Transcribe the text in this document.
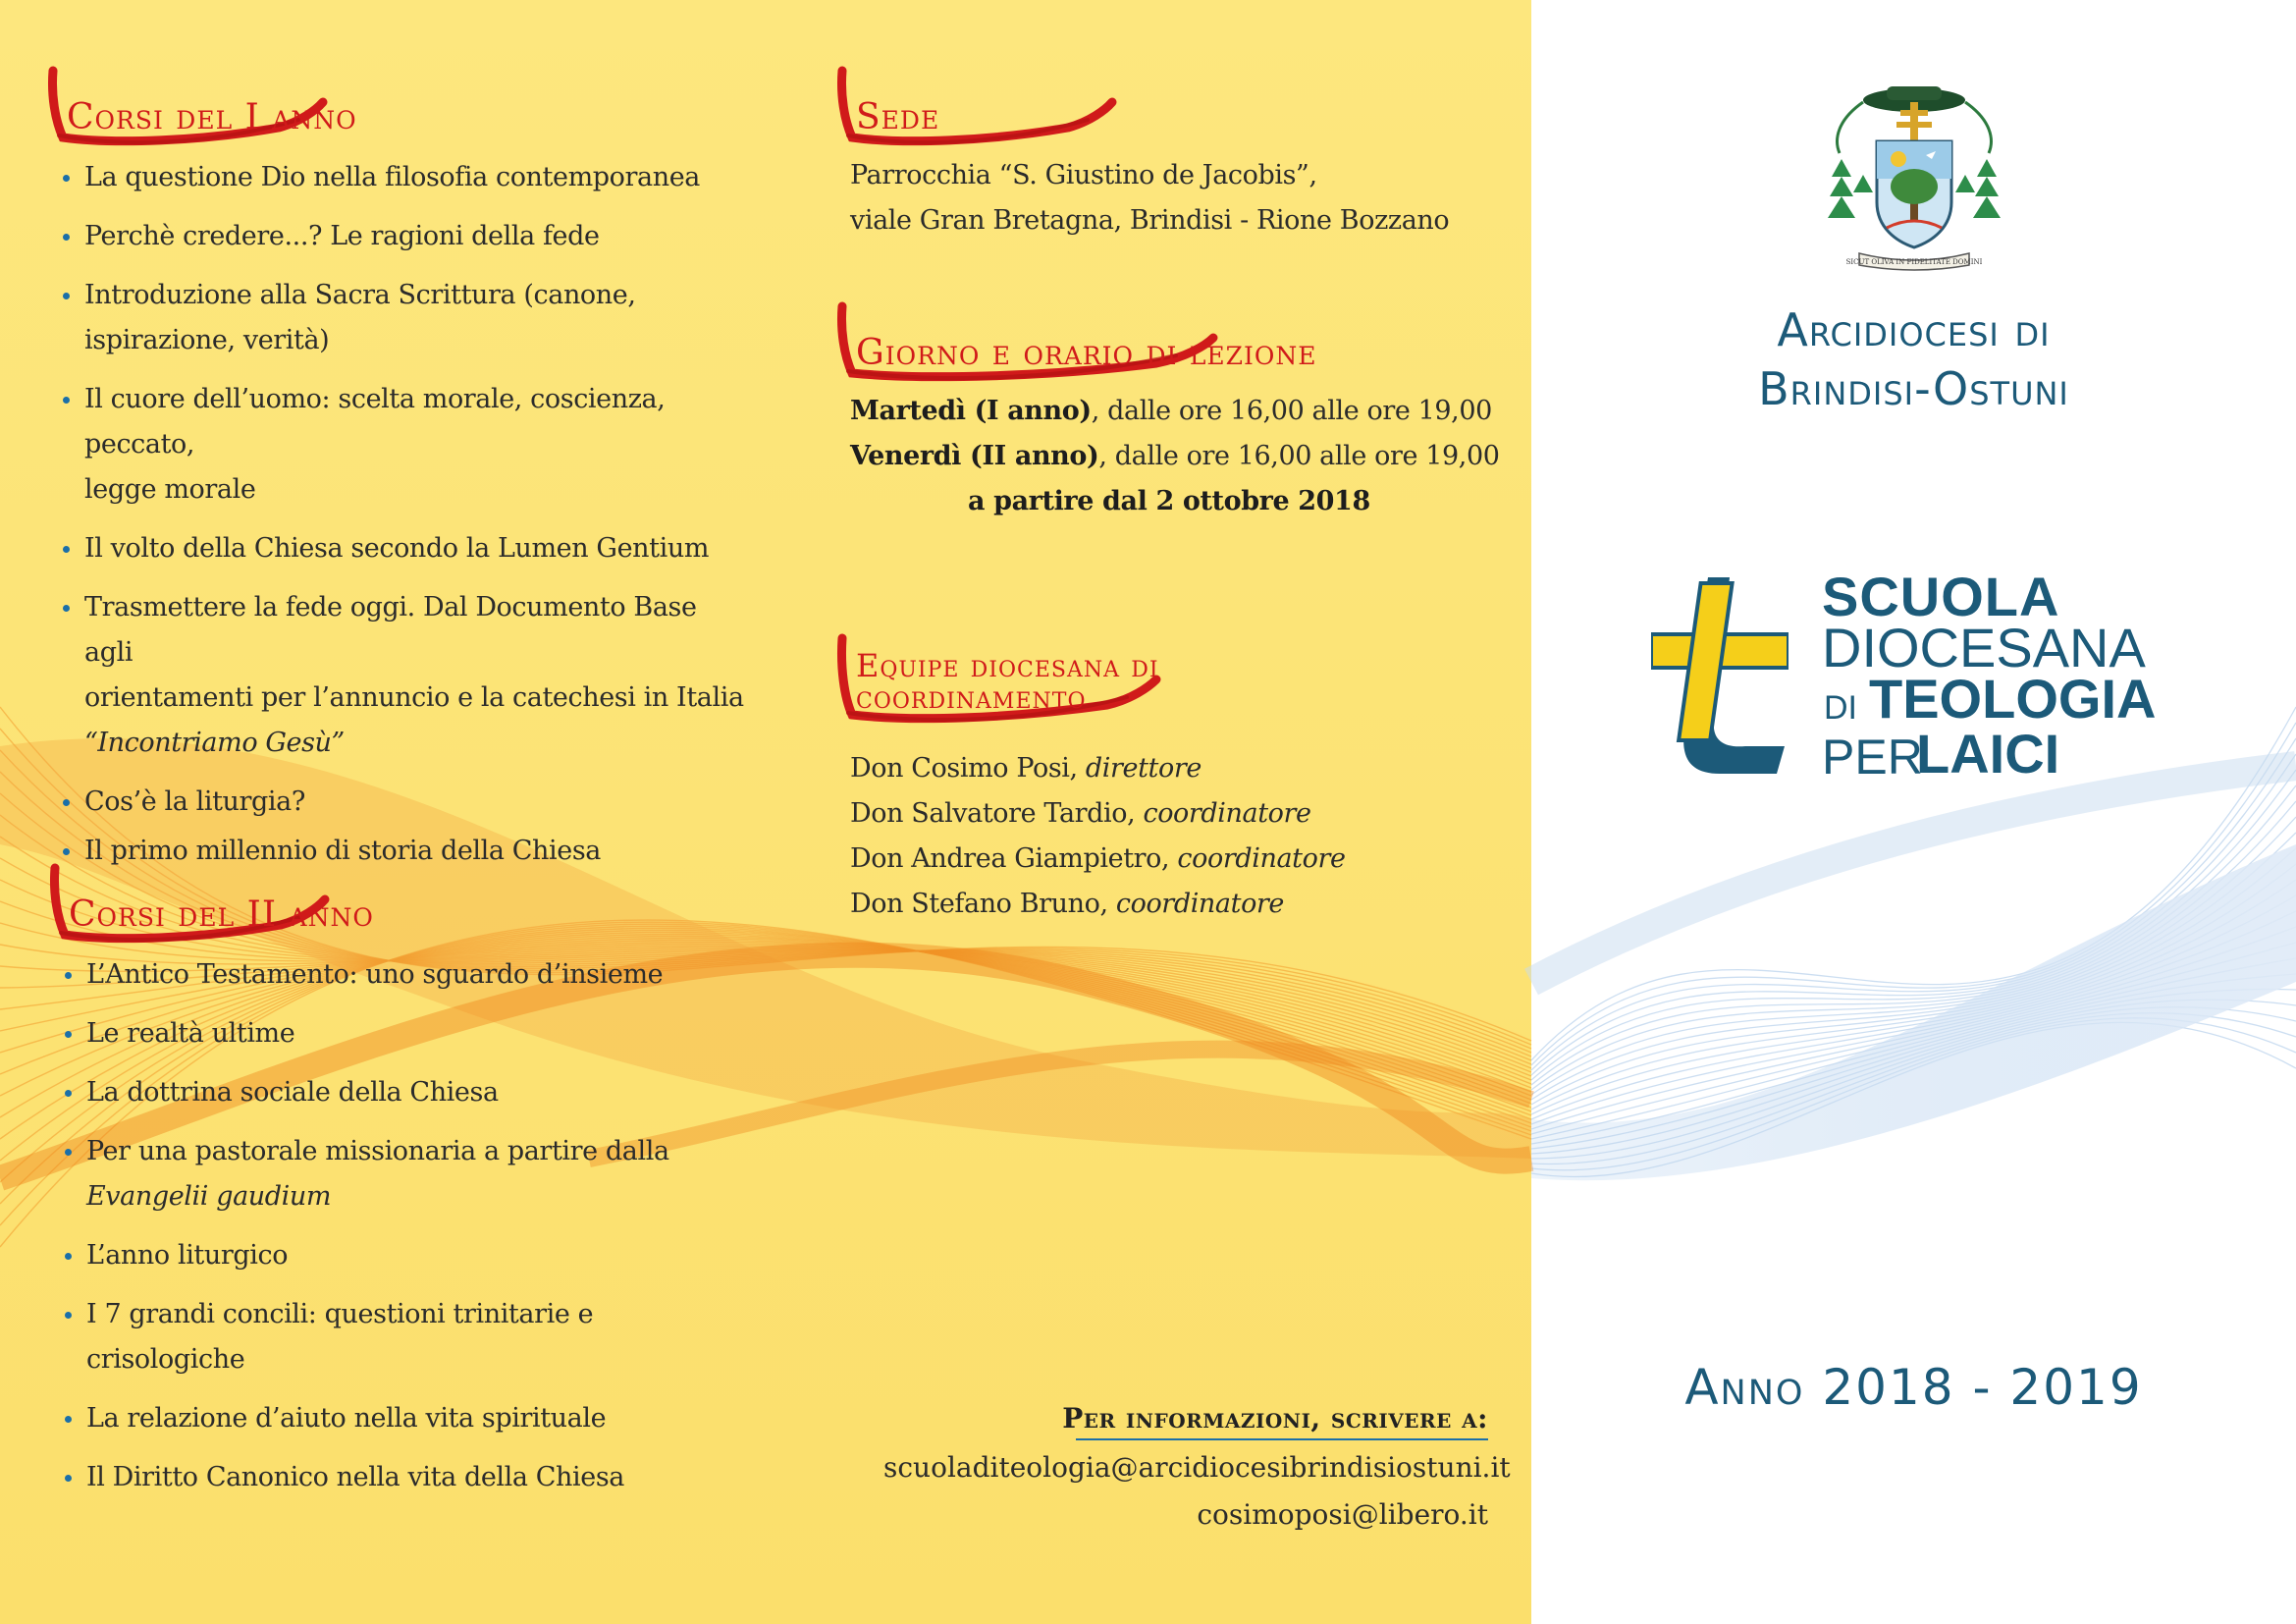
Corsi del I anno
La questione Dio nella filosofia contemporanea
Perchè credere...? Le ragioni della fede
Introduzione alla Sacra Scrittura (canone,
ispirazione, verità)
Il cuore dell’uomo: scelta morale, coscienza, peccato,
legge morale
Il volto della Chiesa secondo la Lumen Gentium
Trasmettere la fede oggi. Dal Documento Base agli
orientamenti per l’annuncio e la catechesi in Italia
“Incontriamo Gesù”
Cos’è la liturgia?
Il primo millennio di storia della Chiesa
Corsi del II anno
L’Antico Testamento: uno sguardo d’insieme
Le realtà ultime
La dottrina sociale della Chiesa
Per una pastorale missionaria a partire dalla
Evangelii gaudium
L’anno liturgico
I 7 grandi concili: questioni trinitarie e crisologiche
La relazione d’aiuto nella vita spirituale
Il Diritto Canonico nella vita della Chiesa
Sede
Parrocchia “S. Giustino de Jacobis”,
viale Gran Bretagna, Brindisi - Rione Bozzano
Giorno e orario di lezione
Martedì (I anno), dalle ore 16,00 alle ore 19,00
Venerdì (II anno), dalle ore 16,00 alle ore 19,00
a partire dal 2 ottobre 2018
Equipe diocesana di
coordinamento
Don Cosimo Posi, direttore
Don Salvatore Tardio, coordinatore
Don Andrea Giampietro, coordinatore
Don Stefano Bruno, coordinatore
Per informazioni, scrivere a:
scuoladiteologia@arcidiocesibrindisiostuni.it
cosimoposi@libero.it
SICUT OLIVA IN FIDELITATE DOMINI
Arcidiocesi di
Brindisi-Ostuni
SCUOLA
DIOCESANA
DI TEOLOGIA
PER
LAICI
Anno 2018 - 2019
